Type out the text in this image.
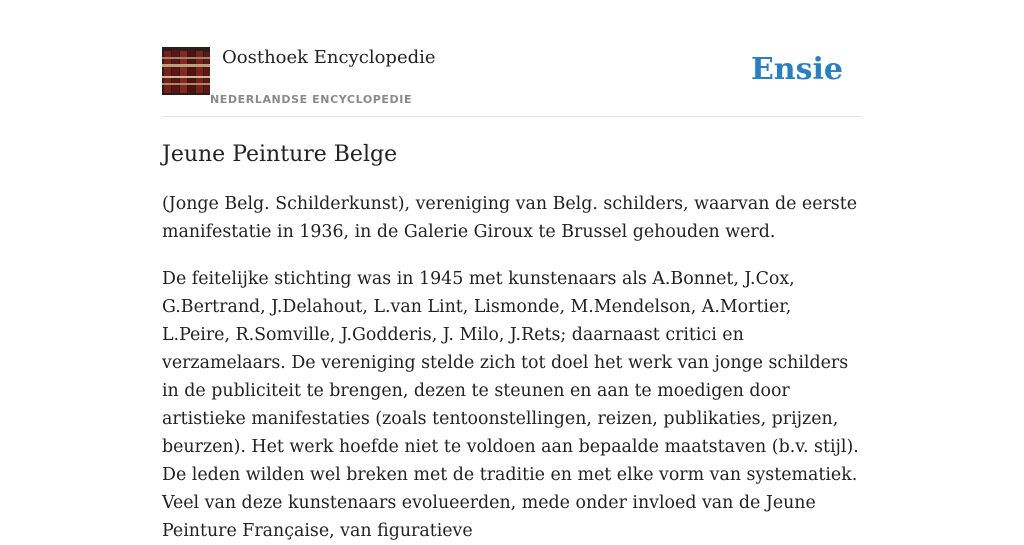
Oosthoek Encyclopedie
NEDERLANDSE ENCYCLOPEDIE
Ensie
Jeune Peinture Belge

(Jonge Belg. Schilderkunst), vereniging van Belg. schilders, waarvan de eerste manifestatie in 1936, in de Galerie Giroux te Brussel gehouden werd.

De feitelijke stichting was in 1945 met kunstenaars als A.Bonnet, J.Cox, G.Bertrand, J.Delahout, L.van Lint, Lismonde, M.Mendelson, A.Mortier, L.Peire, R.Somville, J.Godderis, J. Milo, J.Rets; daarnaast critici en verzamelaars. De vereniging stelde zich tot doel het werk van jonge schilders in de publiciteit te brengen, dezen te steunen en aan te moedigen door artistieke manifestaties (zoals tentoonstellingen, reizen, publikaties, prijzen, beurzen). Het werk hoefde niet te voldoen aan bepaalde maatstaven (b.v. stijl). De leden wilden wel breken met de traditie en met elke vorm van systematiek. Veel van deze kunstenaars evolueerden, mede onder invloed van de Jeune Peinture Française, van figuratieve
